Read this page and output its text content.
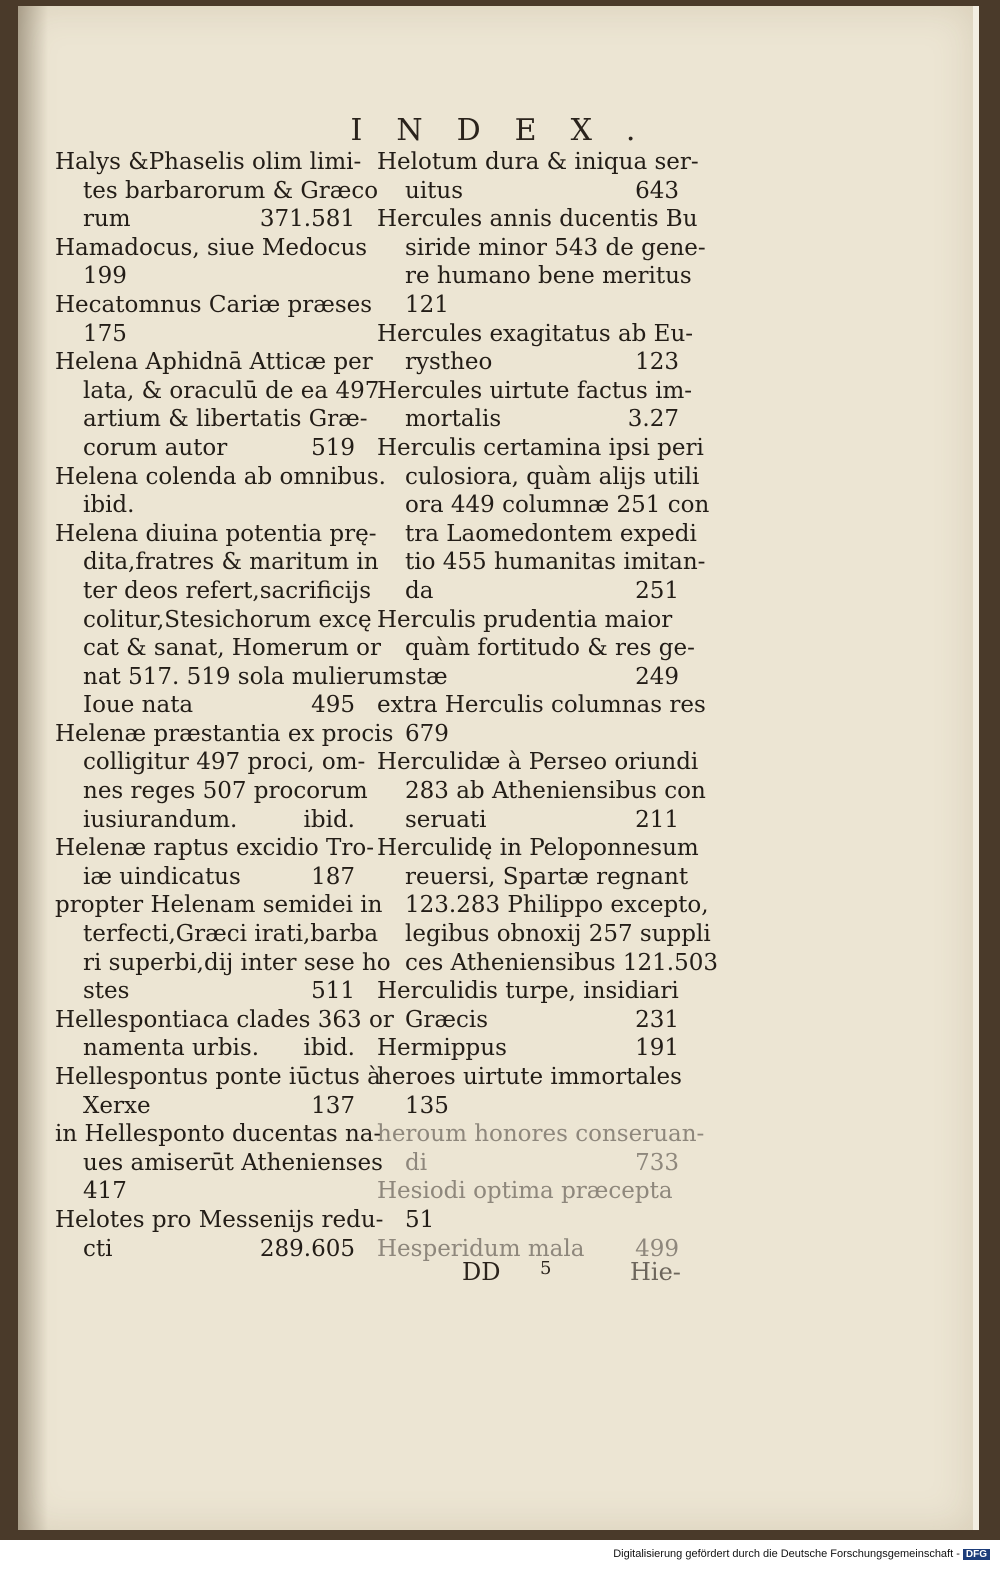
INDEX.
Halys &Phaselis olim limi-
tes barbarorum & Græco
rum	371.581
Hamadocus, siue Medocus
199
Hecatomnus Cariæ præses
175
Helena Aphidnā Atticæ per
lata, & oraculū de ea 497
artium & libertatis Græ-
corum autor	519
Helena colenda ab omnibus.
ibid.
Helena diuina potentia prę-
dita,fratres & maritum in
ter deos refert,sacrificijs
colitur,Stesichorum excę
cat & sanat, Homerum or
nat 517. 519 sola mulierum
Ioue nata	495
Helenæ præstantia ex procis
colligitur 497 proci, om-
nes reges 507 procorum
iusiurandum.	ibid.
Helenæ raptus excidio Tro-
iæ uindicatus	187
propter Helenam semidei in
terfecti,Græci irati,barba
ri superbi,dij inter sese ho
stes	511
Hellespontiaca clades 363 or
namenta urbis. ibid.
Hellespontus ponte iūctus à
Xerxe	137
in Hellesponto ducentas na-
ues amiserūt Athenienses
417
Helotes pro Messenijs redu-
cti	289.605
Helotum dura & iniqua ser-
uitus	643
Hercules annis ducentis Bu
siride minor 543 de gene-
re humano bene meritus
121
Hercules exagitatus ab Eu-
rystheo	123
Hercules uirtute factus im-
mortalis	3.27
Herculis certamina ipsi peri
culosiora, quàm alijs utili
ora 449 columnæ 251 con
tra Laomedontem expedi
tio 455 humanitas imitan-
da	251
Herculis prudentia maior
quàm fortitudo & res ge-
stæ	249
extra Herculis columnas res
679
Herculidæ à Perseo oriundi
283 ab Atheniensibus con
seruati	211
Herculidę in Peloponnesum
reuersi, Spartæ regnant
123.283 Philippo excepto,
legibus obnoxij 257 suppli
ces Atheniensibus 121.503
Herculidis turpe, insidiari
Græcis	231
Hermippus	191
heroes uirtute immortales
135
heroum honores conseruan-
di	733
Hesiodi optima præcepta
51
Hesperidum mala 499
DD 5	Hie-
Digitalisierung gefördert durch die Deutsche Forschungsgemeinschaft - DFG
